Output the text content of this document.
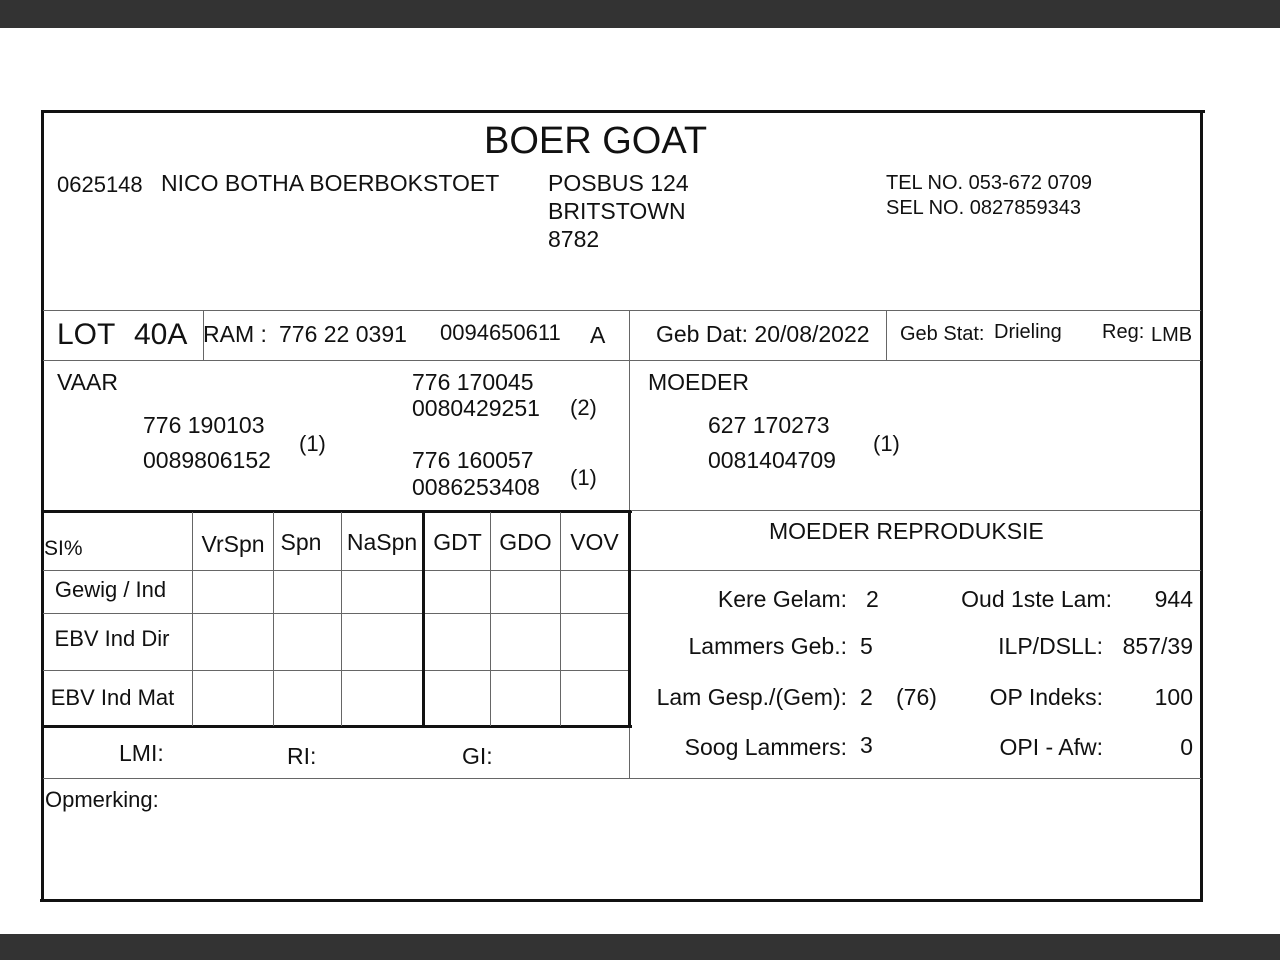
BOER GOAT
0625148 NICO BOTHA BOERBOKSTOET POSBUS 124
BRITSTOWN
8782
TEL NO. 053-672 0709
SEL NO. 0827859343
LOT 40A RAM : 776 22 0391 0094650611 A Geb Dat: 20/08/2022 Geb Stat: Drieling Reg: LMB
VAAR
776 190103
0089806152
(1)
776 170045
0080429251 (2)
776 160057
0086253408 (1)
MOEDER
627 170273
0081404709
(1)
SI%	VrSpn Spn NaSpn GDT GDO VOV
Gewig / Ind
EBV Ind Dir
EBV Ind Mat
LMI:	RI:	GI:
MOEDER REPRODUKSIE
Kere Gelam: 2	Oud 1ste Lam: 944
Lammers Geb.: 5	ILP/DSLL: 857/39
Lam Gesp./(Gem): 2 (76) OP Indeks: 100
Soog Lammers: 3	OPI - Afw:	0
Opmerking:
